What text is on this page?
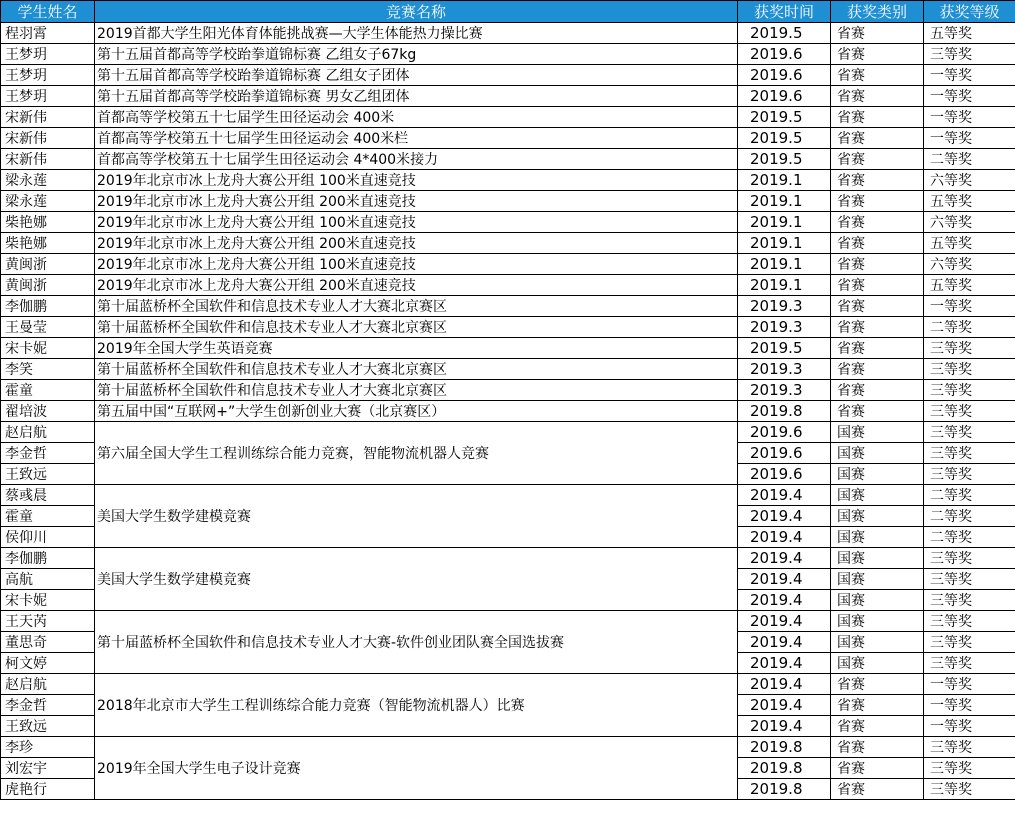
学生姓名	竞赛名称	获奖时间	获奖类别	获奖等级
程羽霄	2019首都大学生阳光体育体能挑战赛—大学生体能热力操比赛	2019.5	省赛	五等奖
王梦玥	第十五届首都高等学校跆拳道锦标赛 乙组女子67kg	2019.6	省赛	三等奖
王梦玥	第十五届首都高等学校跆拳道锦标赛 乙组女子团体	2019.6	省赛	一等奖
王梦玥	第十五届首都高等学校跆拳道锦标赛 男女乙组团体	2019.6	省赛	一等奖
宋新伟	首都高等学校第五十七届学生田径运动会 400米	2019.5	省赛	一等奖
宋新伟	首都高等学校第五十七届学生田径运动会 400米栏	2019.5	省赛	一等奖
宋新伟	首都高等学校第五十七届学生田径运动会 4*400米接力	2019.5	省赛	二等奖
梁永莲	2019年北京市冰上龙舟大赛公开组 100米直速竞技	2019.1	省赛	六等奖
梁永莲	2019年北京市冰上龙舟大赛公开组 200米直速竞技	2019.1	省赛	五等奖
柴艳娜	2019年北京市冰上龙舟大赛公开组 100米直速竞技	2019.1	省赛	六等奖
柴艳娜	2019年北京市冰上龙舟大赛公开组 200米直速竞技	2019.1	省赛	五等奖
黄闽浙	2019年北京市冰上龙舟大赛公开组 100米直速竞技	2019.1	省赛	六等奖
黄闽浙	2019年北京市冰上龙舟大赛公开组 200米直速竞技	2019.1	省赛	五等奖
李伽鹏	第十届蓝桥杯全国软件和信息技术专业人才大赛北京赛区	2019.3	省赛	一等奖
王曼莹	第十届蓝桥杯全国软件和信息技术专业人才大赛北京赛区	2019.3	省赛	二等奖
宋卡妮	2019年全国大学生英语竞赛	2019.5	省赛	三等奖
李笑	第十届蓝桥杯全国软件和信息技术专业人才大赛北京赛区	2019.3	省赛	三等奖
霍童	第十届蓝桥杯全国软件和信息技术专业人才大赛北京赛区	2019.3	省赛	三等奖
翟培波	第五届中国“互联网+”大学生创新创业大赛（北京赛区）	2019.8	省赛	三等奖
赵启航	第六届全国大学生工程训练综合能力竞赛，智能物流机器人竞赛	2019.6	国赛	三等奖
李金哲		2019.6	国赛	三等奖
王致远		2019.6	国赛	三等奖
蔡彧晨	美国大学生数学建模竞赛	2019.4	国赛	二等奖
霍童		2019.4	国赛	二等奖
侯仰川		2019.4	国赛	二等奖
李伽鹏	美国大学生数学建模竞赛	2019.4	国赛	三等奖
高航		2019.4	国赛	三等奖
宋卡妮		2019.4	国赛	三等奖
王天芮	第十届蓝桥杯全国软件和信息技术专业人才大赛-软件创业团队赛全国选拔赛	2019.4	国赛	三等奖
董思奇		2019.4	国赛	三等奖
柯文婷		2019.4	国赛	三等奖
赵启航	2018年北京市大学生工程训练综合能力竞赛（智能物流机器人）比赛	2019.4	省赛	一等奖
李金哲		2019.4	省赛	一等奖
王致远		2019.4	省赛	一等奖
李珍	2019年全国大学生电子设计竞赛	2019.8	省赛	三等奖
刘宏宇		2019.8	省赛	三等奖
虎艳行		2019.8	省赛	三等奖
